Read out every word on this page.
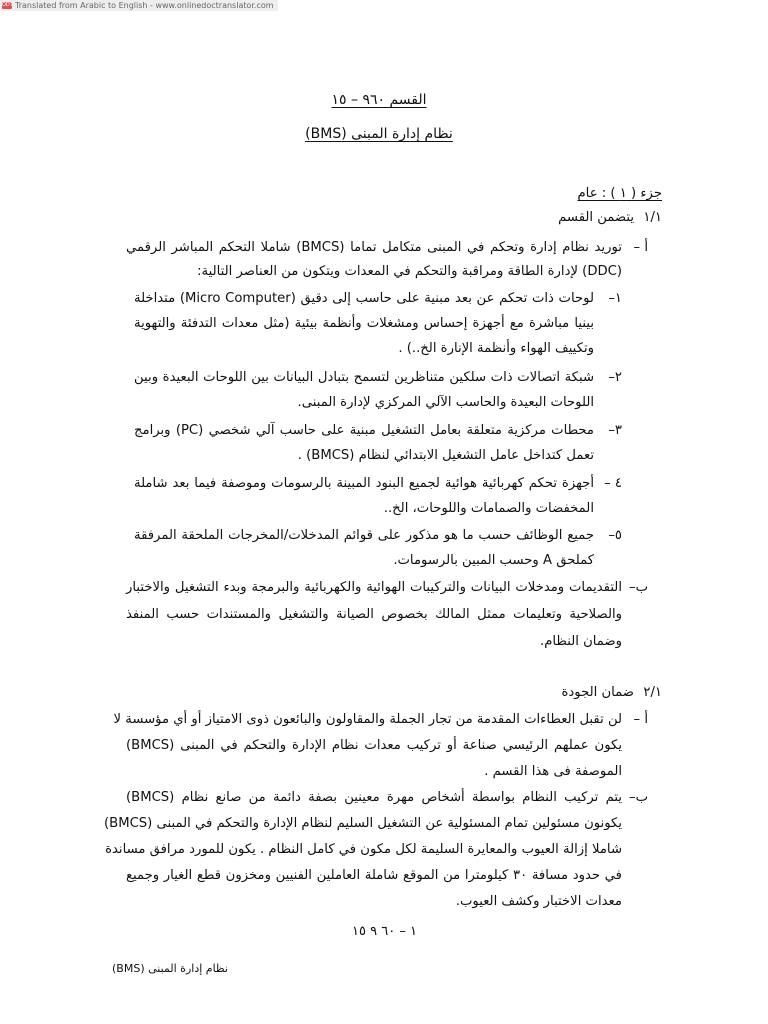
ODT Translated from Arabic to English - www.onlinedoctranslator.com
القسم ٩٦٠ – ١٥
نظام إدارة المبنى (BMS)
جزء ( ١ ) : عام
١/١
يتضمن القسم
أ –
توريد نظام إدارة وتحكم في المبنى متكامل تماما (BMCS) شاملا التحكم المباشر الرقمي
(DDC) لإدارة الطاقة ومراقبة والتحكم في المعدات ويتكون من العناصر التالية:
١–
لوحات ذات تحكم عن بعد مبنية على حاسب إلى دقيق (Micro Computer) متداخلة
بينيا مباشرة مع أجهزة إحساس ومشغلات وأنظمة بيئية (مثل معدات التدفئة والتهوية
وتكييف الهواء وأنظمة الإنارة الخ..) .
٢–
شبكة اتصالات ذات سلكين متناظرين لتسمح بتبادل البيانات بين اللوحات البعيدة وبين
اللوحات البعيدة والحاسب الآلي المركزي لإدارة المبنى.
٣–
محطات مركزية متعلقة بعامل التشغيل مبنية على حاسب آلي شخصي (PC) وبرامج
تعمل كتداخل عامل التشغيل الابتدائي لنظام (BMCS) .
٤ –
أجهزة تحكم كهربائية هوائية لجميع البنود المبينة بالرسومات وموصفة فيما بعد شاملة
المخفضات والصمامات واللوحات، الخ..
٥–
جميع الوظائف حسب ما هو مذكور على قوائم المدخلات/المخرجات الملحقة المرفقة
كملحق A وحسب المبين بالرسومات.
ب–
التقديمات ومدخلات البيانات والتركيبات الهوائية والكهربائية والبرمجة وبدء التشغيل والاختبار
والصلاحية وتعليمات ممثل المالك بخصوص الصيانة والتشغيل والمستندات حسب المنفذ
وضمان النظام.
٢/١
ضمان الجودة
أ –
لن تقبل العطاءات المقدمة من تجار الجملة والمقاولون والبائعون ذوى الامتياز أو أي مؤسسة لا
يكون عملهم الرئيسي صناعة أو تركيب معدات نظام الإدارة والتحكم في المبنى (BMCS)
الموصفة فى هذا القسم .
ب–
يتم تركيب النظام بواسطة أشخاص مهرة معينين بصفة دائمة من صانع نظام (BMCS)
يكونون مسئولين تمام المسئولية عن التشغيل السليم لنظام الإدارة والتحكم في المبنى (BMCS)
شاملا إزالة العيوب والمعايرة السليمة لكل مكون في كامل النظام . يكون للمورد مرافق مساندة
في حدود مسافة ٣٠ كيلومترا من الموقع شاملة العاملين الفنيين ومخزون قطع الغيار وجميع
معدات الاختبار وكشف العيوب.
١ – ٦٠ ٩ ١٥
نظام إدارة المبنى (BMS)
